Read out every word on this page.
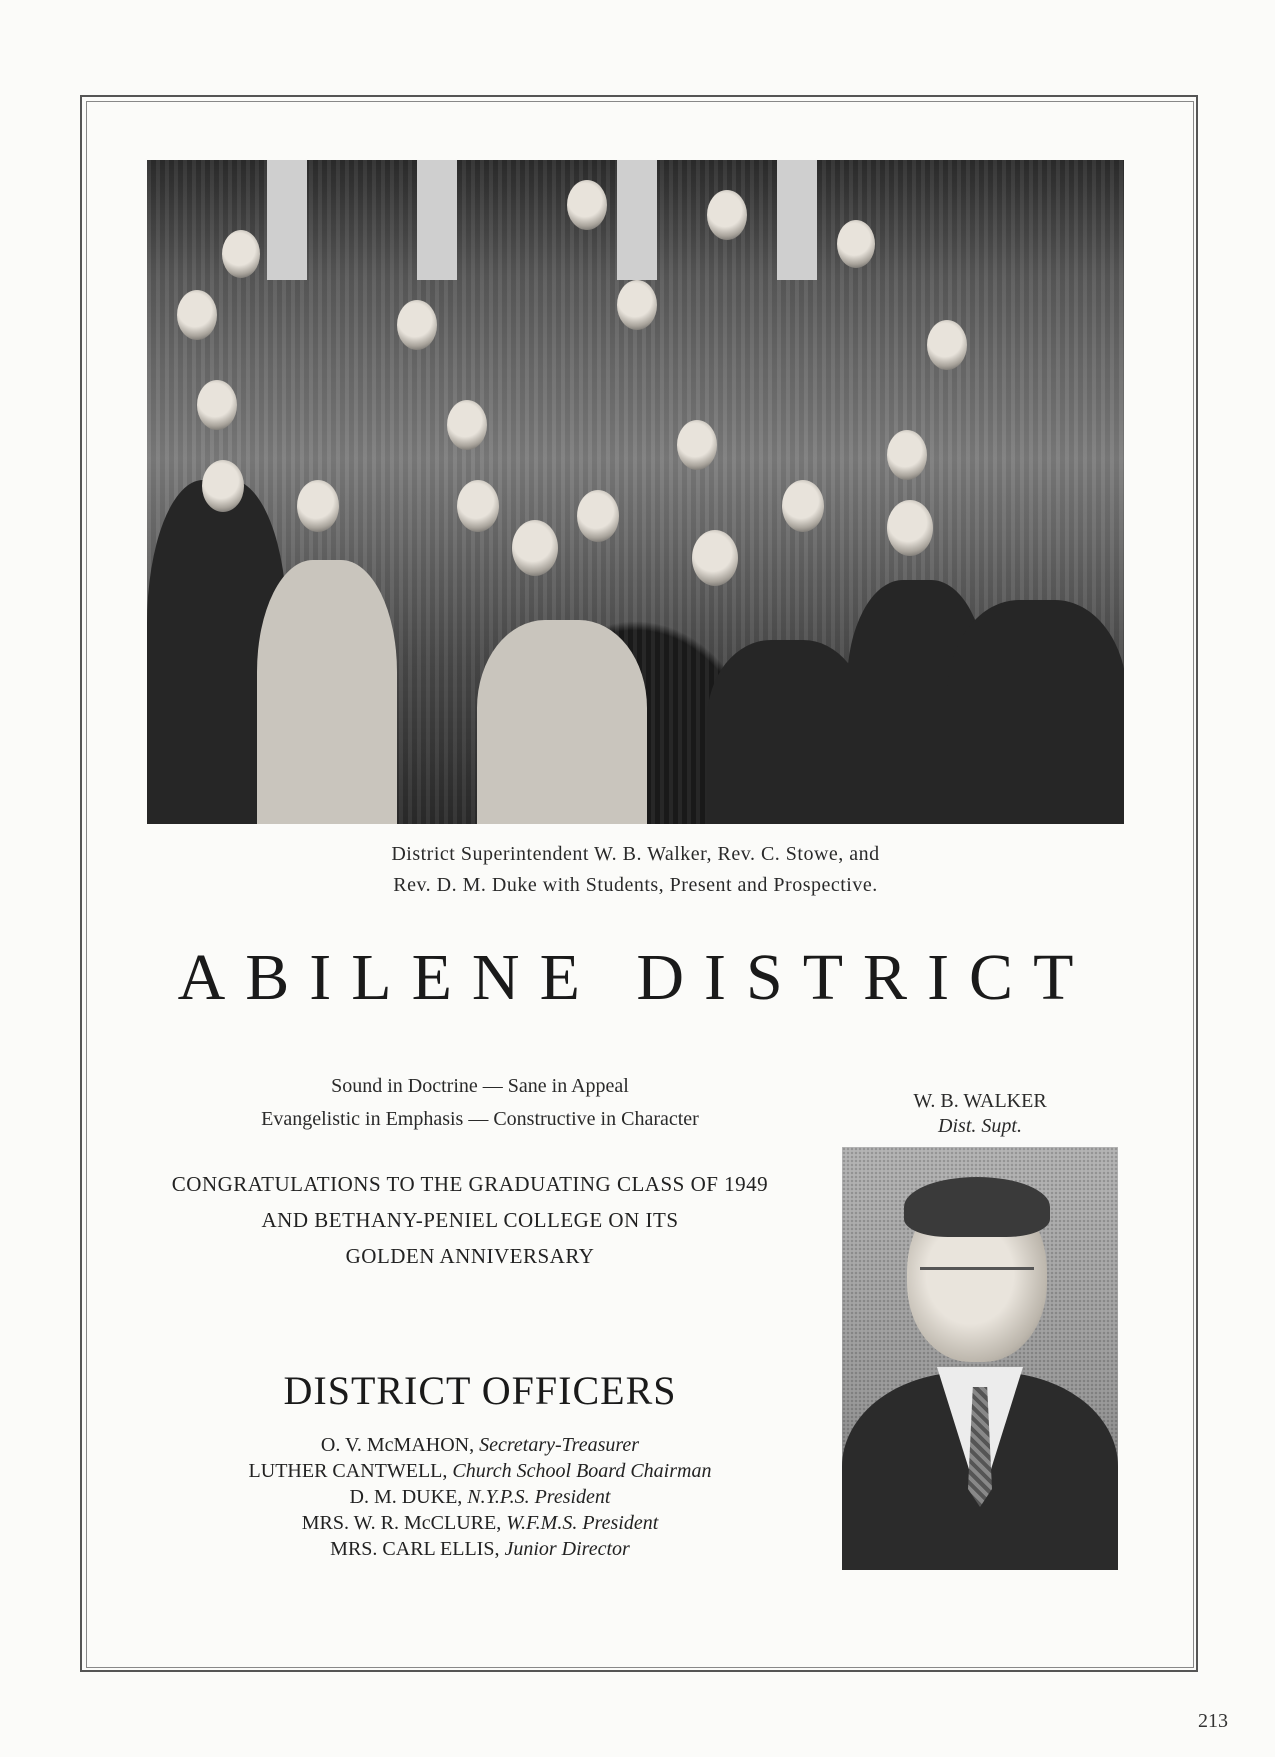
District Superintendent W. B. Walker, Rev. C. Stowe, and
Rev. D. M. Duke with Students, Present and Prospective.
ABILENE DISTRICT
Sound in Doctrine — Sane in Appeal
Evangelistic in Emphasis — Constructive in Character
CONGRATULATIONS TO THE GRADUATING CLASS OF 1949
AND BETHANY-PENIEL COLLEGE ON ITS
GOLDEN ANNIVERSARY
W. B. WALKER
Dist. Supt.
DISTRICT OFFICERS
O. V. McMAHON, Secretary-Treasurer
LUTHER CANTWELL, Church School Board Chairman
D. M. DUKE, N.Y.P.S. President
MRS. W. R. McCLURE, W.F.M.S. President
MRS. CARL ELLIS, Junior Director
213
